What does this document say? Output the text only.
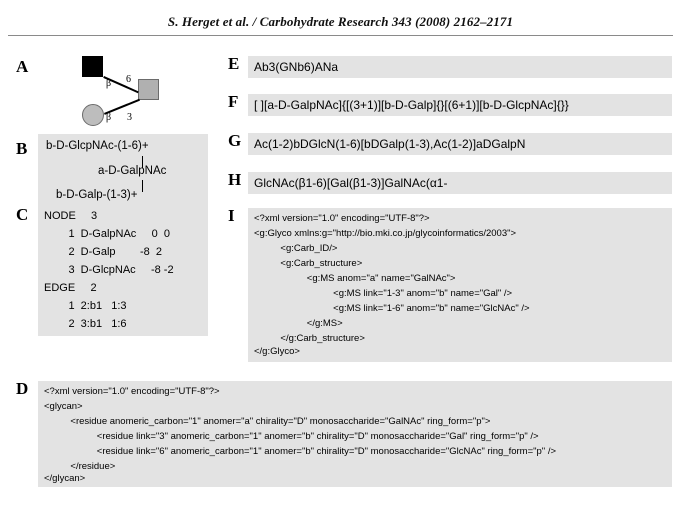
S. Herget et al. / Carbohydrate Research 343 (2008) 2162–2171
A
β 6
β 3
B b-D-GlcpNAc-(1-6)+
a-D-GalpNAc
b-D-Galp-(1-3)+
C NODE     3
1  D-GalpNAc     0  0
2  D-Galp        -8  2
3  D-GlcpNAc     -8 -2
EDGE     2
1  2:b1   1:3
2  3:b1   1:6
D <?xml version="1.0" encoding="UTF-8"?>
<glycan>
<residue anomeric_carbon="1" anomer="a" chirality="D" monosaccharide="GalNAc" ring_form="p">
<residue link="3" anomeric_carbon="1" anomer="b" chirality="D" monosaccharide="Gal" ring_form="p" />
<residue link="6" anomeric_carbon="1" anomer="b" chirality="D" monosaccharide="GlcNAc" ring_form="p" />
</residue>
</glycan>
E Ab3(GNb6)ANa
F [ ][a-D-GalpNAc]{[(3+1)][b-D-Galp]{}[(6+1)][b-D-GlcpNAc]{}}
G Ac(1-2)bDGlcN(1-6)[bDGalp(1-3),Ac(1-2)]aDGalpN
H GlcNAc(β1-6)[Gal(β1-3)]GalNAc(α1-
I <?xml version="1.0" encoding="UTF-8"?>
<g:Glyco xmlns:g="http://bio.mki.co.jp/glycoinformatics/2003">
<g:Carb_ID/>
<g:Carb_structure>
<g:MS anom="a" name="GalNAc">
<g:MS link="1-3" anom="b" name="Gal" />
<g:MS link="1-6" anom="b" name="GlcNAc" />
</g:MS>
</g:Carb_structure>
</g:Glyco>
